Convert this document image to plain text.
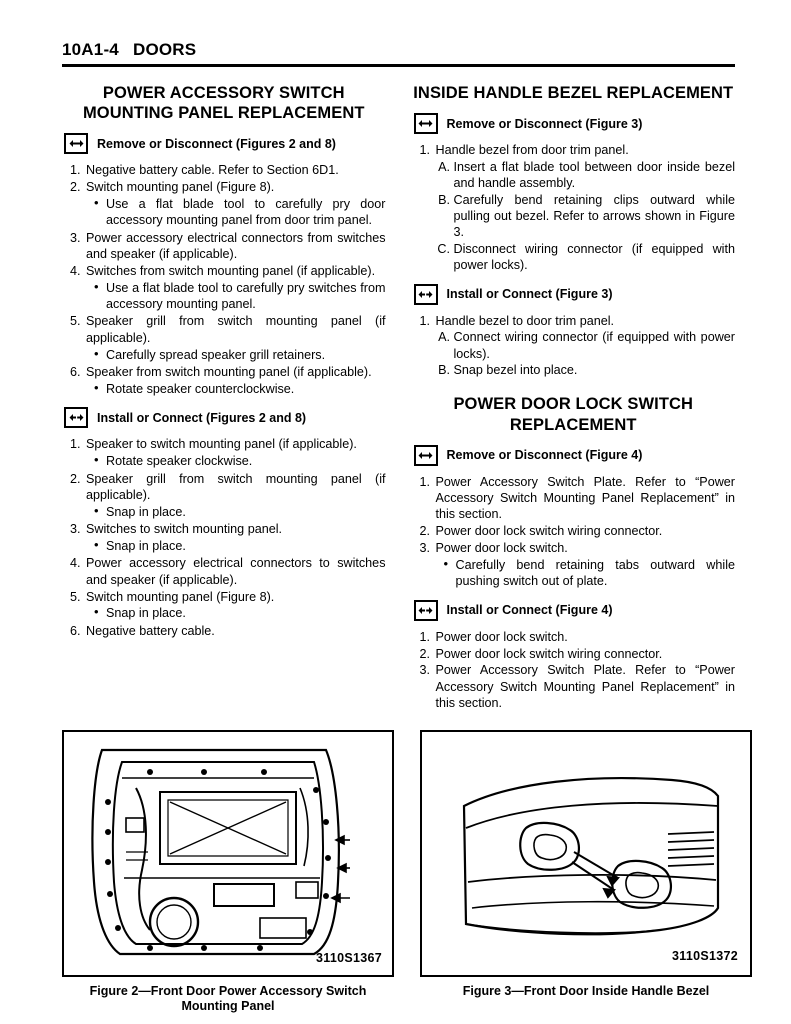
10A1-4 DOORS
POWER ACCESSORY SWITCH MOUNTING PANEL REPLACEMENT
Remove or Disconnect (Figures 2 and 8)
1. Negative battery cable. Refer to Section 6D1.
2. Switch mounting panel (Figure 8).
• Use a flat blade tool to carefully pry door accessory mounting panel from door trim panel.
3. Power accessory electrical connectors from switches and speaker (if applicable).
4. Switches from switch mounting panel (if applicable).
• Use a flat blade tool to carefully pry switches from accessory mounting panel.
5. Speaker grill from switch mounting panel (if applicable).
• Carefully spread speaker grill retainers.
6. Speaker from switch mounting panel (if applicable).
• Rotate speaker counterclockwise.
Install or Connect (Figures 2 and 8)
1. Speaker to switch mounting panel (if applicable).
• Rotate speaker clockwise.
2. Speaker grill from switch mounting panel (if applicable).
• Snap in place.
3. Switches to switch mounting panel.
• Snap in place.
4. Power accessory electrical connectors to switches and speaker (if applicable).
5. Switch mounting panel (Figure 8).
• Snap in place.
6. Negative battery cable.
INSIDE HANDLE BEZEL REPLACEMENT
Remove or Disconnect (Figure 3)
1. Handle bezel from door trim panel.
A. Insert a flat blade tool between door inside bezel and handle assembly.
B. Carefully bend retaining clips outward while pulling out bezel. Refer to arrows shown in Figure 3.
C. Disconnect wiring connector (if equipped with power locks).
Install or Connect (Figure 3)
1. Handle bezel to door trim panel.
A. Connect wiring connector (if equipped with power locks).
B. Snap bezel into place.
POWER DOOR LOCK SWITCH REPLACEMENT
Remove or Disconnect (Figure 4)
1. Power Accessory Switch Plate. Refer to “Power Accessory Switch Mounting Panel Replacement” in this section.
2. Power door lock switch wiring connector.
3. Power door lock switch.
• Carefully bend retaining tabs outward while pushing switch out of plate.
Install or Connect (Figure 4)
1. Power door lock switch.
2. Power door lock switch wiring connector.
3. Power Accessory Switch Plate. Refer to “Power Accessory Switch Mounting Panel Replacement” in this section.
3110S1367
Figure 2—Front Door Power Accessory Switch Mounting Panel
3110S1372
Figure 3—Front Door Inside Handle Bezel
